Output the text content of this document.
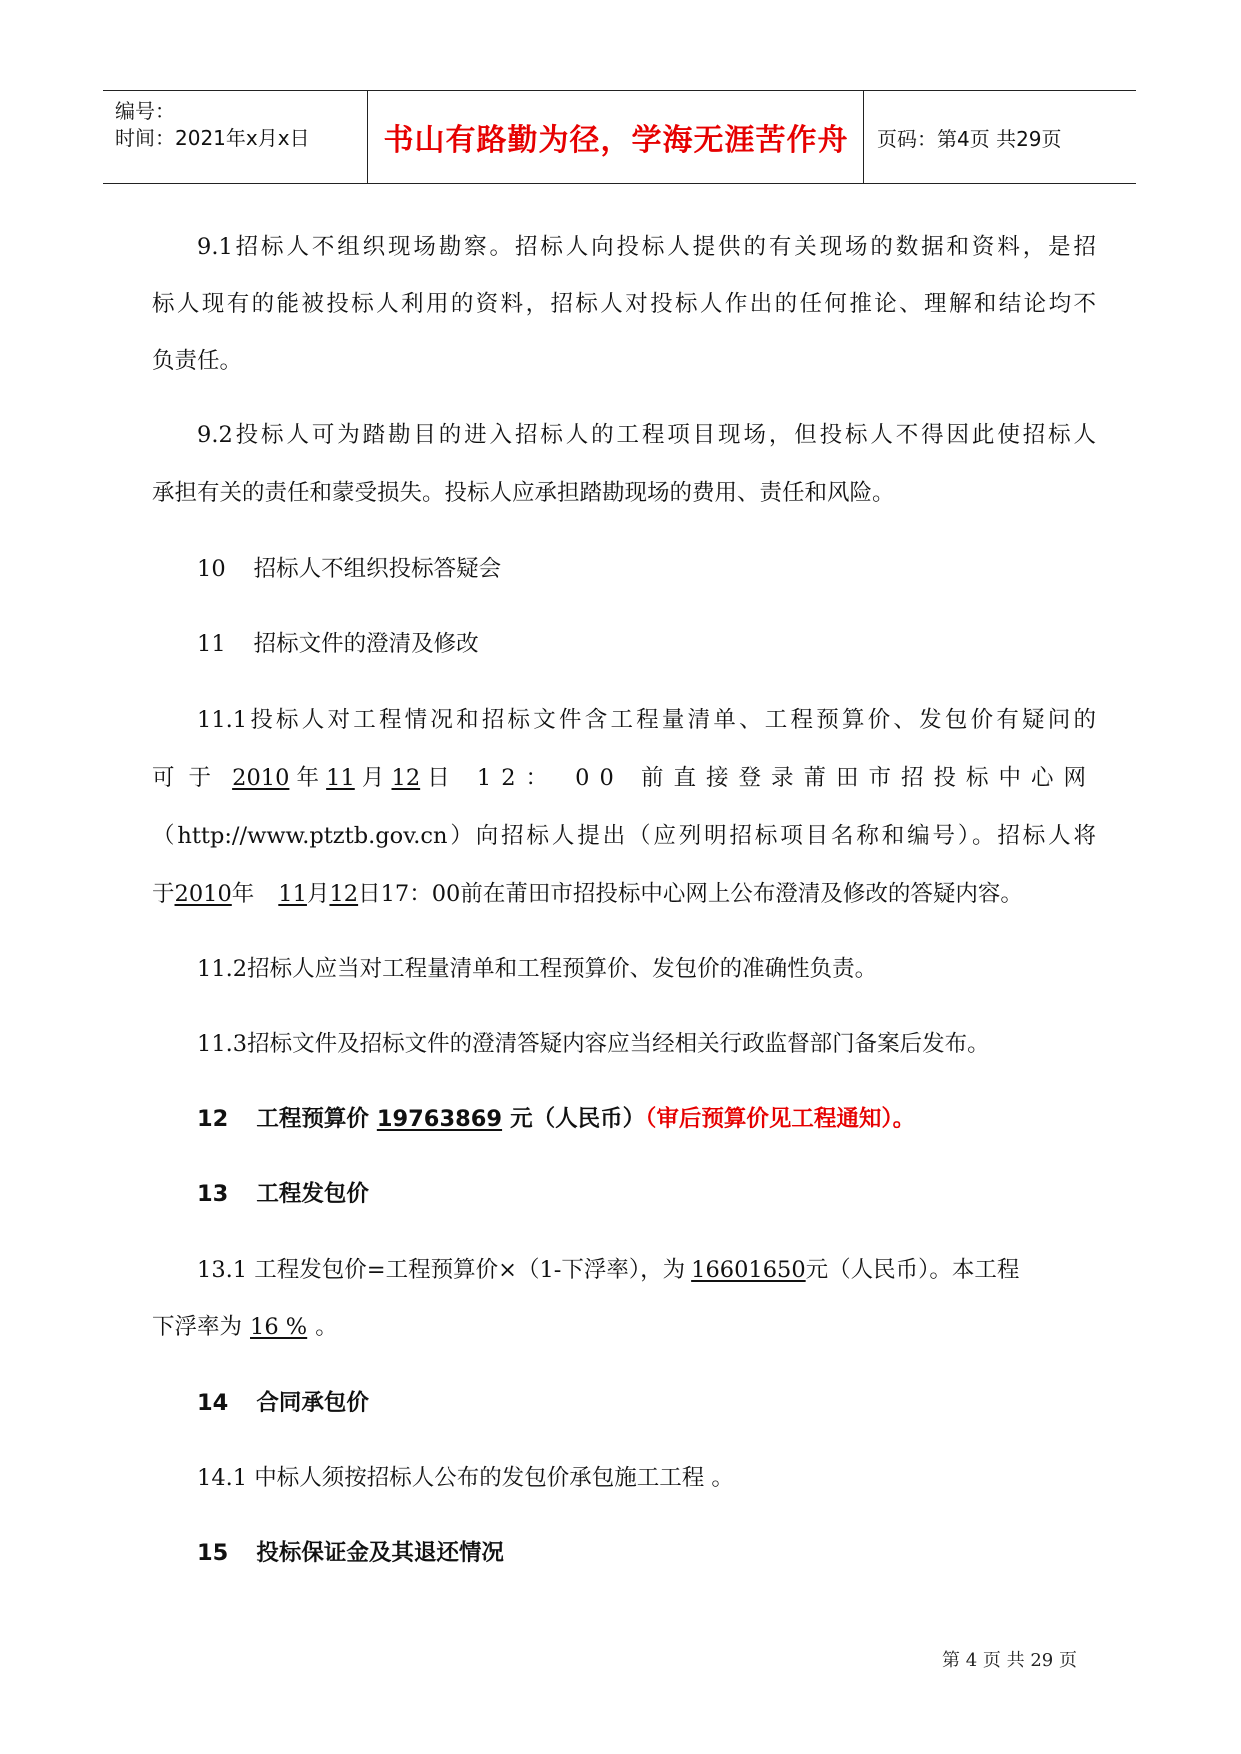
编号：
时间：2021年x月x日	书山有路勤为径，学海无涯苦作舟	页码：第4页 共29页
9.1招标人不组织现场勘察。招标人向投标人提供的有关现场的数据和资料，是招
标人现有的能被投标人利用的资料，招标人对投标人作出的任何推论、理解和结论均不
负责任。
9.2投标人可为踏勘目的进入招标人的工程项目现场，但投标人不得因此使招标人
承担有关的责任和蒙受损失。投标人应承担踏勘现场的费用、责任和风险。
10 招标人不组织投标答疑会
11 招标文件的澄清及修改
11.1投标人对工程情况和招标文件含工程量清单、工程预算价、发包价有疑问的
可于 2010 年 11 月 12 日 12： 00 前直接登录莆田市招投标中心网
（http://www.ptztb.gov.cn）向招标人提出（应列明招标项目名称和编号）。招标人将
于2010年 11月12日17：00前在莆田市招投标中心网上公布澄清及修改的答疑内容。
11.2招标人应当对工程量清单和工程预算价、发包价的准确性负责。
11.3招标文件及招标文件的澄清答疑内容应当经相关行政监督部门备案后发布。
12 工程预算价 19763869 元（人民币）（审后预算价见工程通知）。
13 工程发包价
13.1 工程发包价=工程预算价×（1-下浮率），为 16601650元（人民币）。本工程
下浮率为 16 % 。
14 合同承包价
14.1 中标人须按招标人公布的发包价承包施工工程 。
15 投标保证金及其退还情况
第 4 页 共 29 页
